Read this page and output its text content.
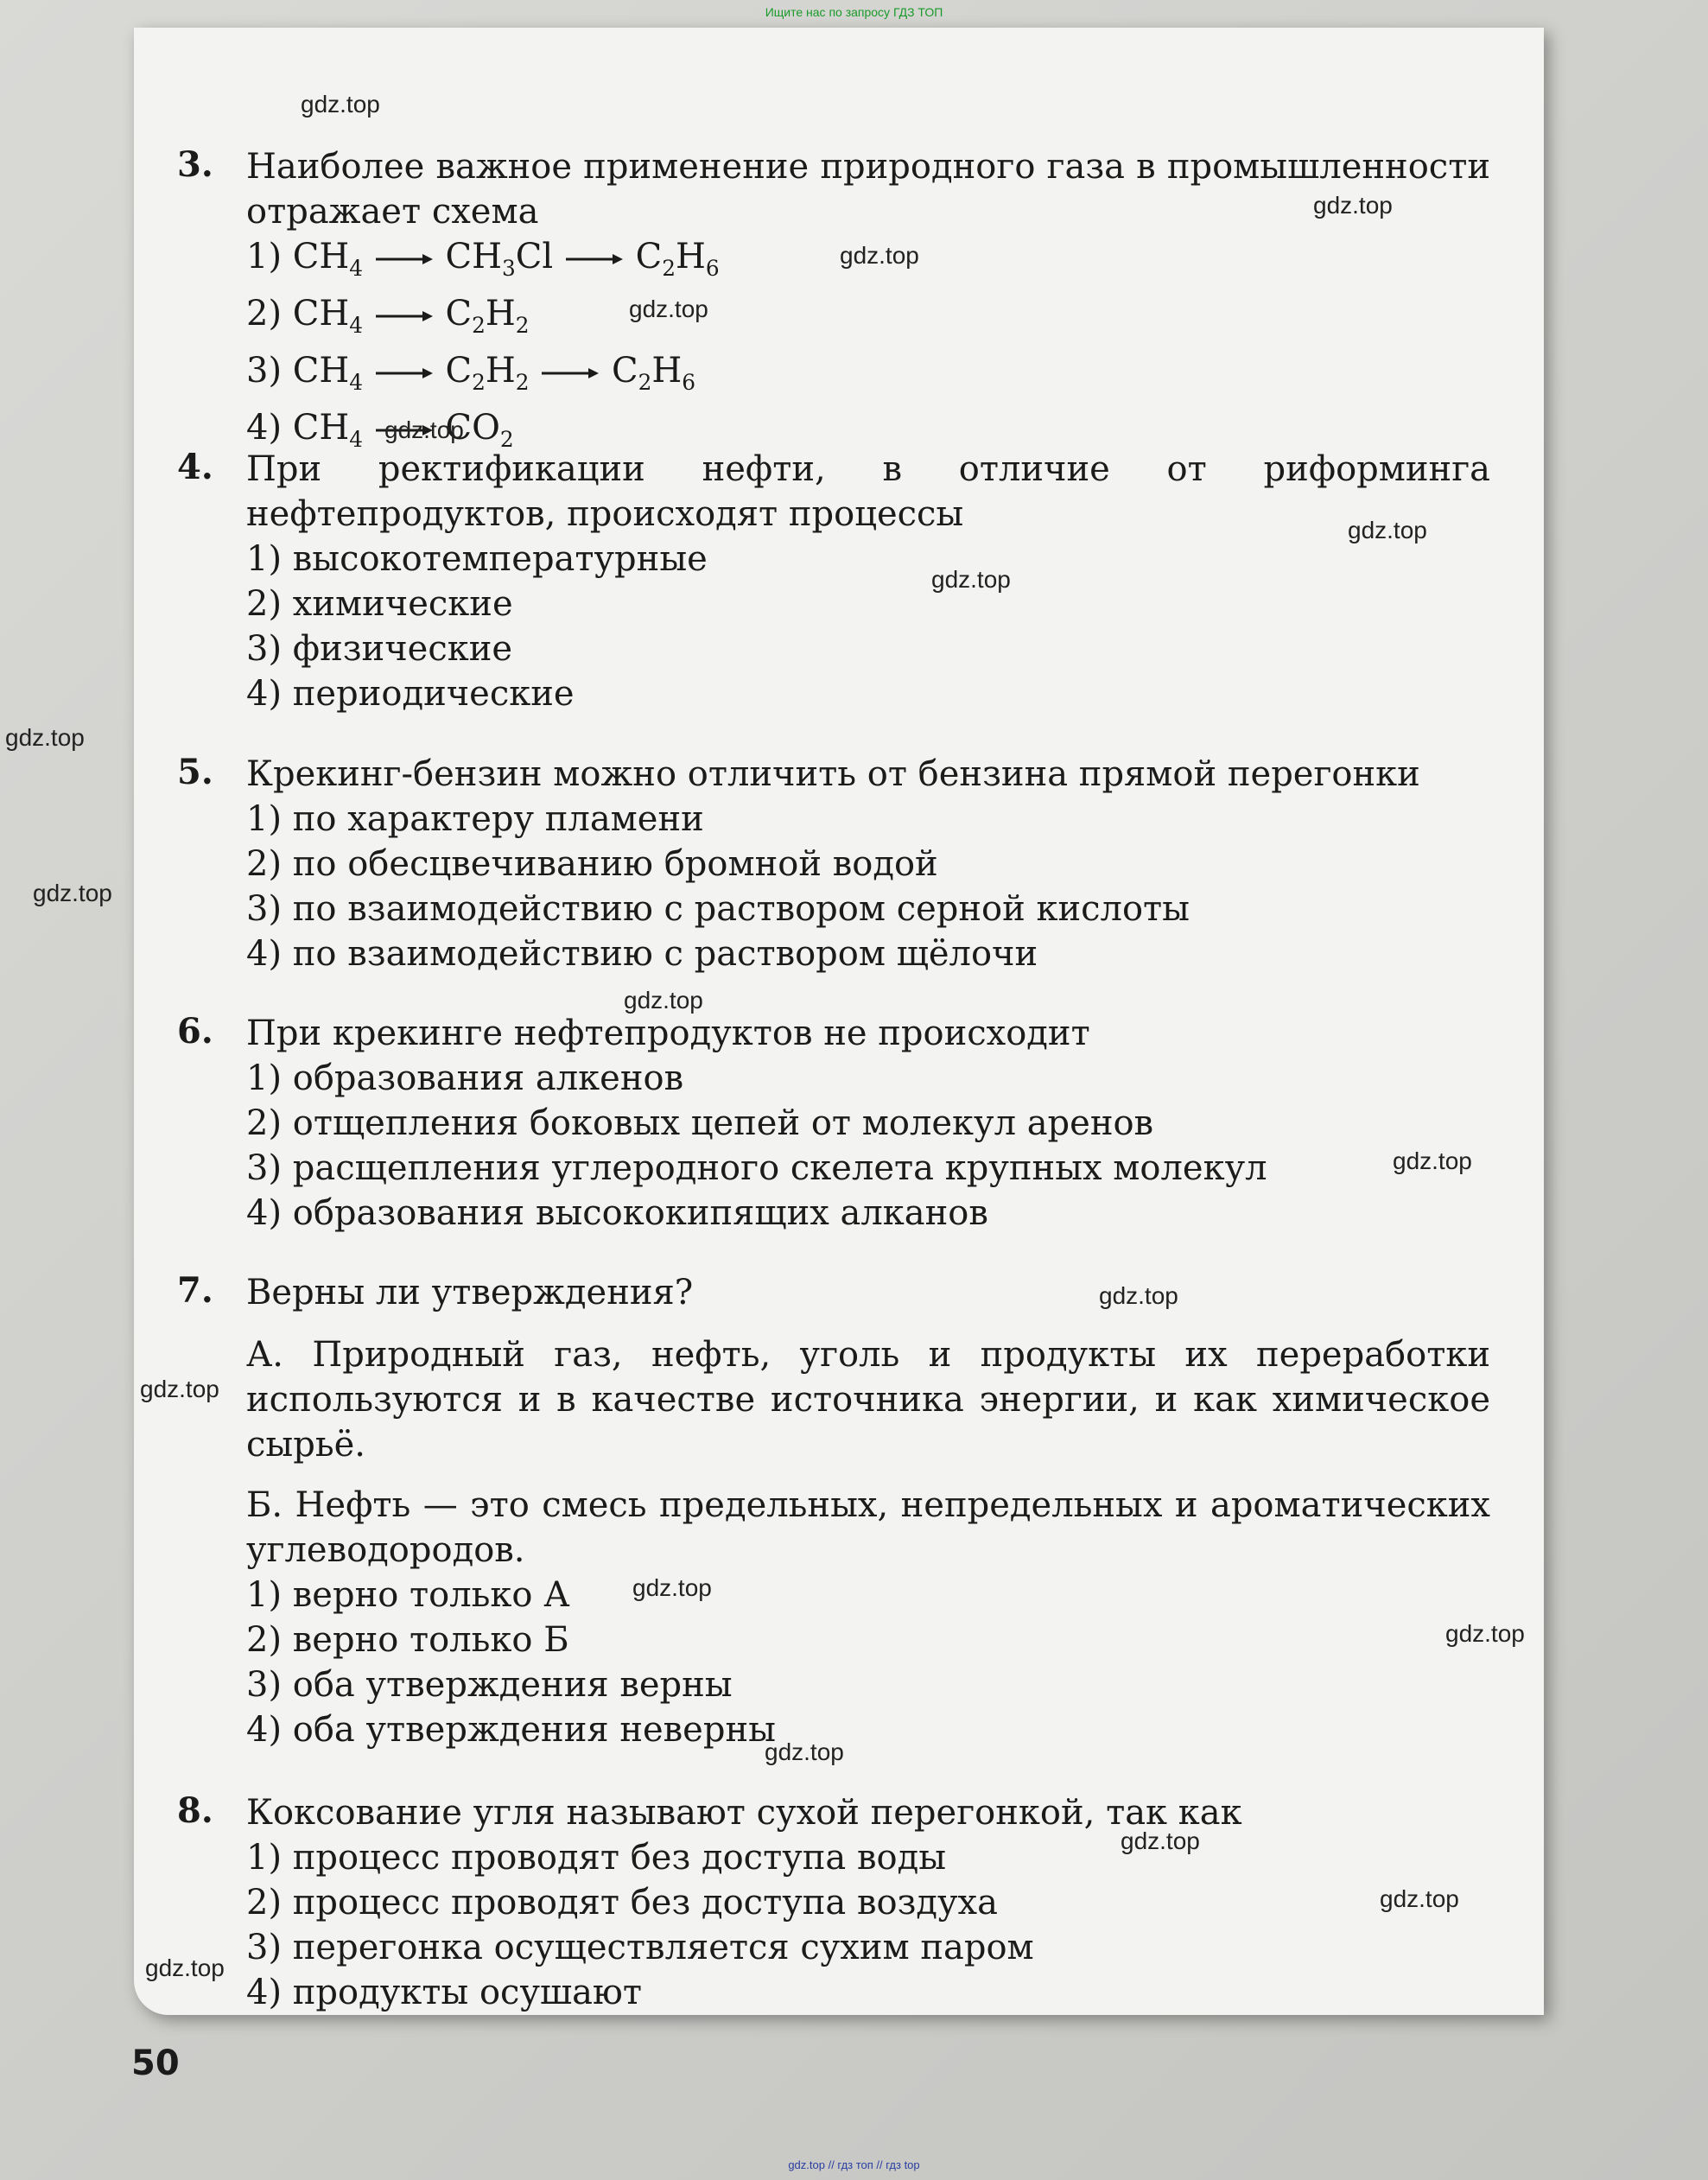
Ищите нас по запросу ГДЗ ТОП
3. Наиболее важное применение природного газа в промышленности отражает схема
1) $CH_4$ $CH_3Cl$ $C_2H_6$
2) $CH_4$ $C_2H_2$
3) $CH_4$ $C_2H_2$ $C_2H_6$
4) $CH_4$ $CO_2$
4. При ректификации нефти, в отличие от риформинга нефтепродуктов, происходят процессы
1) высокотемпературные
2) химические
3) физические
4) периодические
5. Крекинг-бензин можно отличить от бензина прямой перегонки
1) по характеру пламени
2) по обесцвечиванию бромной водой
3) по взаимодействию с раствором серной кислоты
4) по взаимодействию с раствором щёлочи
6. При крекинге нефтепродуктов не происходит
1) образования алкенов
2) отщепления боковых цепей от молекул аренов
3) расщепления углеродного скелета крупных молекул
4) образования высококипящих алканов
7. Верны ли утверждения?
А. Природный газ, нефть, уголь и продукты их переработки используются и в качестве источника энергии, и как химическое сырьё.
Б. Нефть — это смесь предельных, непредельных и ароматических углеводородов.
1) верно только А
2) верно только Б
3) оба утверждения верны
4) оба утверждения неверны
8. Коксование угля называют сухой перегонкой, так как
1) процесс проводят без доступа воды
2) процесс проводят без доступа воздуха
3) перегонка осуществляется сухим паром
4) продукты осушают
50
gdz.top
gdz.top
gdz.top
gdz.top
gdz.top
gdz.top
gdz.top
gdz.top
gdz.top
gdz.top
gdz.top
gdz.top
gdz.top
gdz.top
gdz.top
gdz.top
gdz.top
gdz.top
gdz.top
gdz.top // гдз топ // гдз top
